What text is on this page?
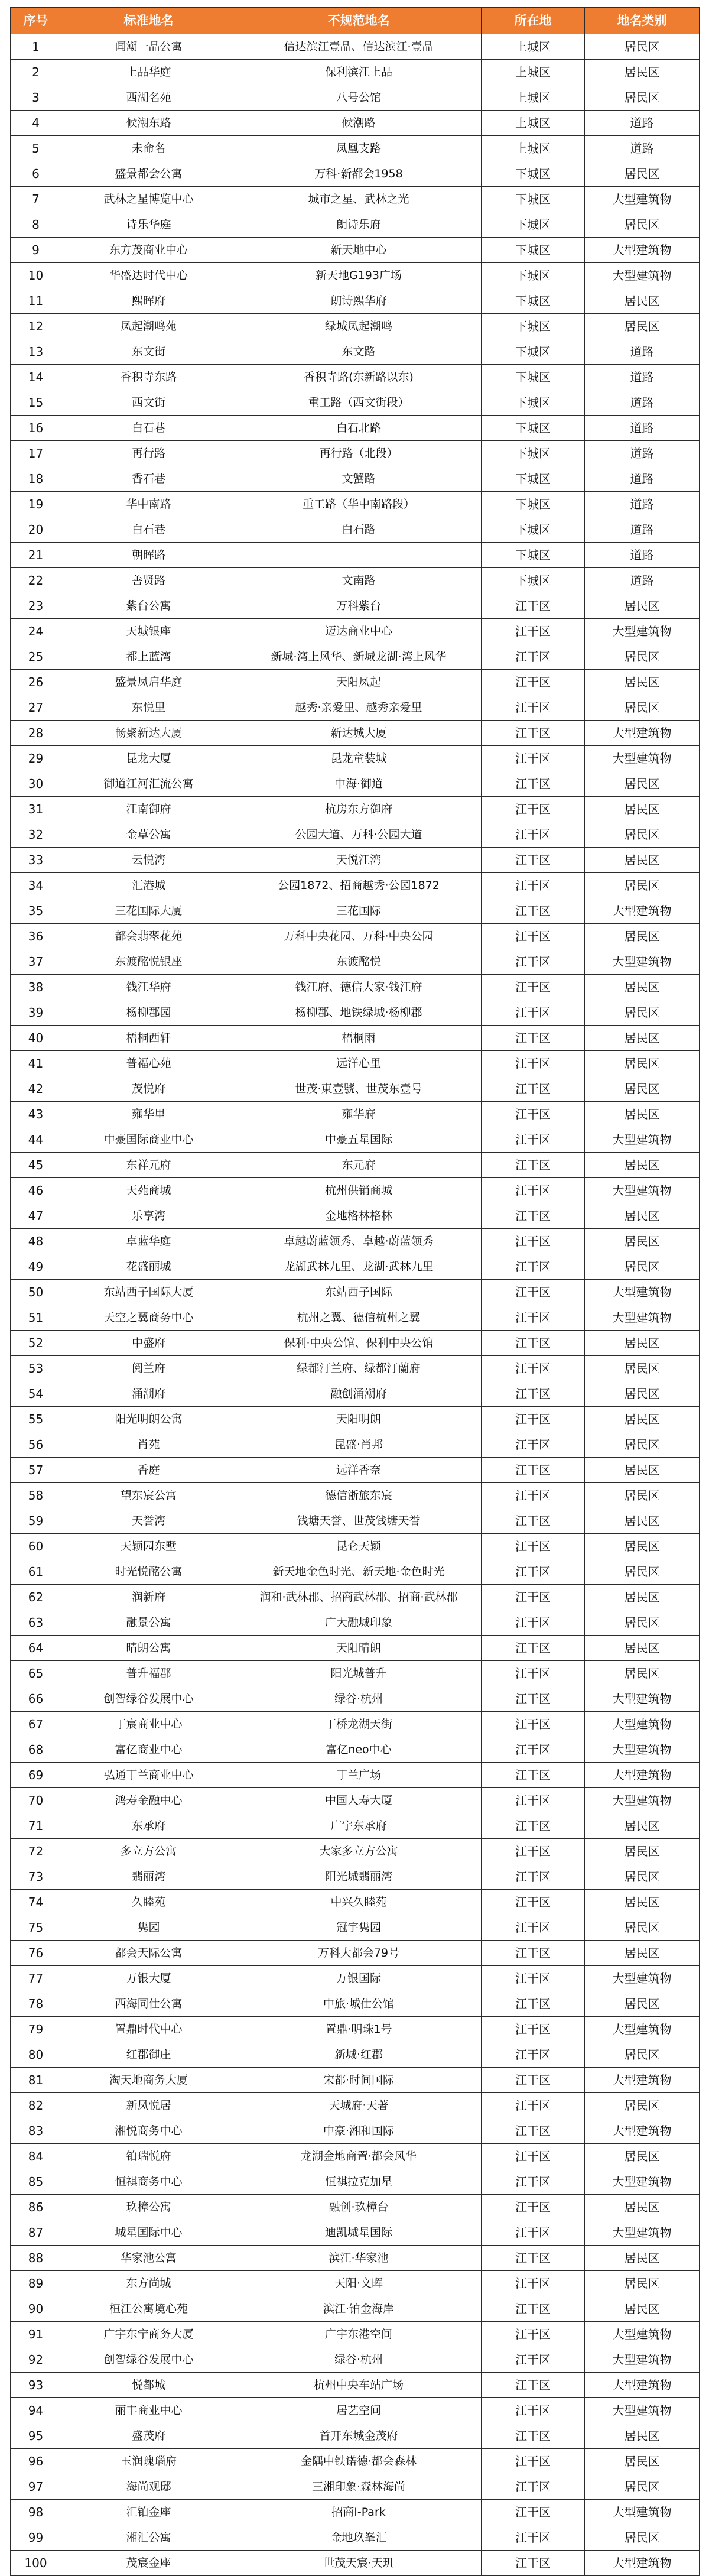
序号	标准地名	不规范地名	所在地	地名类别
1	闻潮一品公寓	信达滨江壹品、信达滨江·壹品	上城区	居民区
2	上品华庭	保利滨江上品	上城区	居民区
3	西湖名苑	八号公馆	上城区	居民区
4	候潮东路	候潮路	上城区	道路
5	未命名	凤凰支路	上城区	道路
6	盛景都会公寓	万科·新都会1958	下城区	居民区
7	武林之星博览中心	城市之星、武林之光	下城区	大型建筑物
8	诗乐华庭	朗诗乐府	下城区	居民区
9	东方茂商业中心	新天地中心	下城区	大型建筑物
10	华盛达时代中心	新天地G193广场	下城区	大型建筑物
11	熙晖府	朗诗熙华府	下城区	居民区
12	凤起潮鸣苑	绿城凤起潮鸣	下城区	居民区
13	东文街	东文路	下城区	道路
14	香积寺东路	香积寺路(东新路以东)	下城区	道路
15	西文街	重工路（西文街段）	下城区	道路
16	白石巷	白石北路	下城区	道路
17	再行路	再行路（北段）	下城区	道路
18	香石巷	文蟹路	下城区	道路
19	华中南路	重工路（华中南路段）	下城区	道路
20	白石巷	白石路	下城区	道路
21	朝晖路		下城区	道路
22	善贤路	文南路	下城区	道路
23	紫台公寓	万科紫台	江干区	居民区
24	天城银座	迈达商业中心	江干区	大型建筑物
25	都上蓝湾	新城·湾上风华、新城龙湖·湾上风华	江干区	居民区
26	盛景凤启华庭	天阳凤起	江干区	居民区
27	东悦里	越秀·亲爱里、越秀亲爱里	江干区	居民区
28	畅聚新达大厦	新达城大厦	江干区	大型建筑物
29	昆龙大厦	昆龙童装城	江干区	大型建筑物
30	御道江河汇流公寓	中海·御道	江干区	居民区
31	江南御府	杭房东方御府	江干区	居民区
32	金草公寓	公园大道、万科·公园大道	江干区	居民区
33	云悦湾	天悦江湾	江干区	居民区
34	汇港城	公园1872、招商越秀·公园1872	江干区	居民区
35	三花国际大厦	三花国际	江干区	大型建筑物
36	都会翡翠花苑	万科中央花园、万科·中央公园	江干区	居民区
37	东渡酩悦银座	东渡酩悦	江干区	大型建筑物
38	钱江华府	钱江府、德信大家·钱江府	江干区	居民区
39	杨柳郡园	杨柳郡、地铁绿城·杨柳郡	江干区	居民区
40	梧桐西轩	梧桐雨	江干区	居民区
41	普福心苑	远洋心里	江干区	居民区
42	茂悦府	世茂·東壹號、世茂东壹号	江干区	居民区
43	雍华里	雍华府	江干区	居民区
44	中豪国际商业中心	中豪五星国际	江干区	大型建筑物
45	东祥元府	东元府	江干区	居民区
46	天苑商城	杭州供销商城	江干区	大型建筑物
47	乐享湾	金地格林格林	江干区	居民区
48	卓蓝华庭	卓越蔚蓝领秀、卓越·蔚蓝领秀	江干区	居民区
49	花盛丽城	龙湖武林九里、龙湖·武林九里	江干区	居民区
50	东站西子国际大厦	东站西子国际	江干区	大型建筑物
51	天空之翼商务中心	杭州之翼、德信杭州之翼	江干区	大型建筑物
52	中盛府	保利·中央公馆、保利中央公馆	江干区	居民区
53	阅兰府	绿都汀兰府、绿都汀蘭府	江干区	居民区
54	涌潮府	融创涌潮府	江干区	居民区
55	阳光明朗公寓	天阳明朗	江干区	居民区
56	肖苑	昆盛·肖邦	江干区	居民区
57	香庭	远洋香奈	江干区	居民区
58	望东宸公寓	德信浙旅东宸	江干区	居民区
59	天誉湾	钱塘天誉、世茂钱塘天誉	江干区	居民区
60	天颖园东墅	昆仑天颖	江干区	居民区
61	时光悦酩公寓	新天地金色时光、新天地·金色时光	江干区	居民区
62	润新府	润和·武林郡、招商武林郡、招商·武林郡	江干区	居民区
63	融景公寓	广大融城印象	江干区	居民区
64	晴朗公寓	天阳晴朗	江干区	居民区
65	普升福郡	阳光城普升	江干区	居民区
66	创智绿谷发展中心	绿谷·杭州	江干区	大型建筑物
67	丁宸商业中心	丁桥龙湖天街	江干区	大型建筑物
68	富亿商业中心	富亿neo中心	江干区	大型建筑物
69	弘通丁兰商业中心	丁兰广场	江干区	大型建筑物
70	鸿寿金融中心	中国人寿大厦	江干区	大型建筑物
71	东承府	广宇东承府	江干区	居民区
72	多立方公寓	大家多立方公寓	江干区	居民区
73	翡丽湾	阳光城翡丽湾	江干区	居民区
74	久睦苑	中兴久睦苑	江干区	居民区
75	隽园	冠宇隽园	江干区	居民区
76	都会天际公寓	万科大都会79号	江干区	居民区
77	万银大厦	万银国际	江干区	大型建筑物
78	西海同仕公寓	中旅·城仕公馆	江干区	居民区
79	置鼎时代中心	置鼎·明珠1号	江干区	大型建筑物
80	红郡御庄	新城·红郡	江干区	居民区
81	淘天地商务大厦	宋都·时间国际	江干区	大型建筑物
82	新凤悦居	天城府·天著	江干区	居民区
83	湘悦商务中心	中豪·湘和国际	江干区	大型建筑物
84	铂瑞悦府	龙湖金地商置·都会风华	江干区	居民区
85	恒祺商务中心	恒祺拉克加星	江干区	大型建筑物
86	玖樟公寓	融创·玖樟台	江干区	居民区
87	城星国际中心	迪凯城星国际	江干区	大型建筑物
88	华家池公寓	滨江·华家池	江干区	居民区
89	东方尚城	天阳·文晖	江干区	居民区
90	桓江公寓境心苑	滨江·铂金海岸	江干区	居民区
91	广宇东宁商务大厦	广宇东港空间	江干区	大型建筑物
92	创智绿谷发展中心	绿谷·杭州	江干区	大型建筑物
93	悦都城	杭州中央车站广场	江干区	大型建筑物
94	丽丰商业中心	居艺空间	江干区	大型建筑物
95	盛茂府	首开东城金茂府	江干区	居民区
96	玉润瑰瑙府	金隅中铁诺德·都会森林	江干区	居民区
97	海尚观邸	三湘印象·森林海尚	江干区	居民区
98	汇铂金座	招商I-Park	江干区	大型建筑物
99	湘汇公寓	金地玖峯汇	江干区	居民区
100	茂宸金座	世茂天宸·天玑	江干区	大型建筑物
